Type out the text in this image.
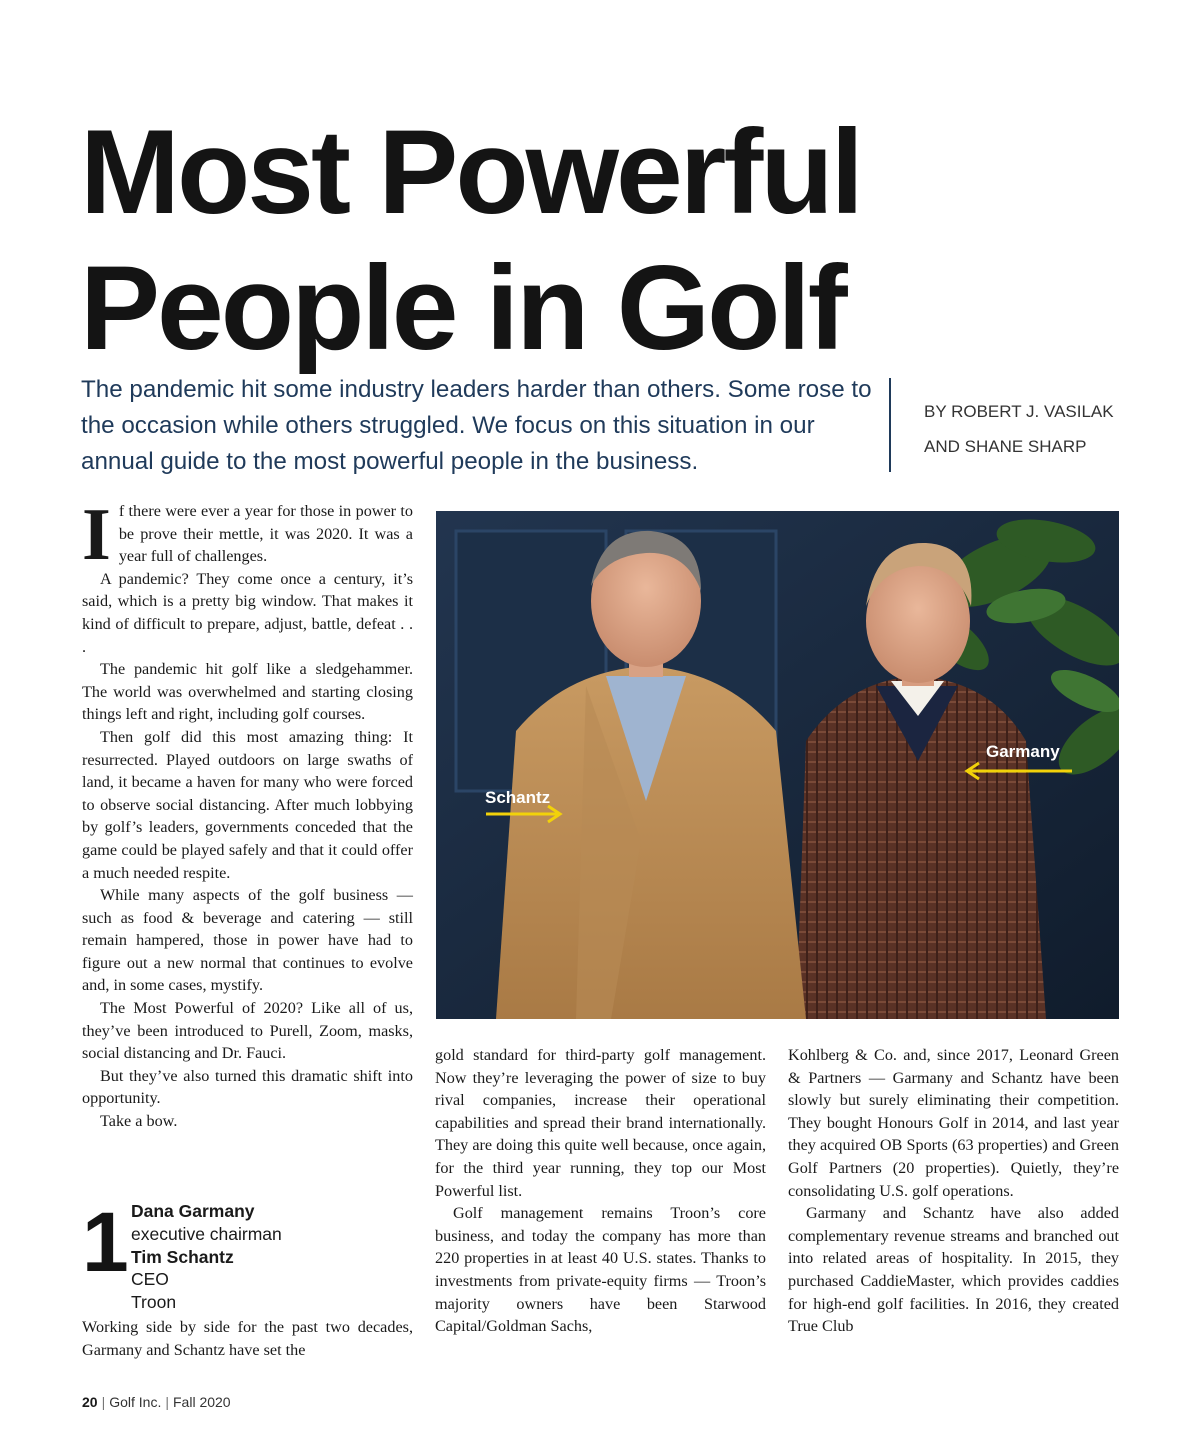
Most Powerful
People in Golf

The pandemic hit some industry leaders harder than others. Some rose to the occasion while others struggled. We focus on this situation in our annual guide to the most powerful people in the business.

BY ROBERT J. VASILAK
AND SHANE SHARP

If there were ever a year for those in power to be prove their mettle, it was 2020. It was a year full of challenges.

A pandemic? They come once a century, it’s said, which is a pretty big window. That makes it kind of difficult to prepare, adjust, battle, defeat . . .

The pandemic hit golf like a sledgehammer. The world was overwhelmed and starting closing things left and right, including golf courses.

Then golf did this most amazing thing: It resurrected. Played outdoors on large swaths of land, it became a haven for many who were forced to observe social distancing. After much lobbying by golf’s leaders, governments conceded that the game could be played safely and that it could offer a much needed respite.

While many aspects of the golf business — such as food & beverage and catering — still remain hampered, those in power have had to figure out a new normal that continues to evolve and, in some cases, mystify.

The Most Powerful of 2020? Like all of us, they’ve been introduced to Purell, Zoom, masks, social distancing and Dr. Fauci.

But they’ve also turned this dramatic shift into opportunity.

Take a bow.

1 Dana Garmany
executive chairman
Tim Schantz
CEO
Troon

Working side by side for the past two decades, Garmany and Schantz have set the

Schantz
Garmany

gold standard for third-party golf management. Now they’re leveraging the power of size to buy rival companies, increase their operational capabilities and spread their brand internationally. They are doing this quite well because, once again, for the third year running, they top our Most Powerful list.

Golf management remains Troon’s core business, and today the company has more than 220 properties in at least 40 U.S. states. Thanks to investments from private-equity firms — Troon’s majority owners have been Starwood Capital/Goldman Sachs,

Kohlberg & Co. and, since 2017, Leonard Green & Partners — Garmany and Schantz have been slowly but surely eliminating their competition. They bought Honours Golf in 2014, and last year they acquired OB Sports (63 properties) and Green Golf Partners (20 properties). Quietly, they’re consolidating U.S. golf operations.

Garmany and Schantz have also added complementary revenue streams and branched out into related areas of hospitality. In 2015, they purchased CaddieMaster, which provides caddies for high-end golf facilities. In 2016, they created True Club

20 | Golf Inc. | Fall 2020
